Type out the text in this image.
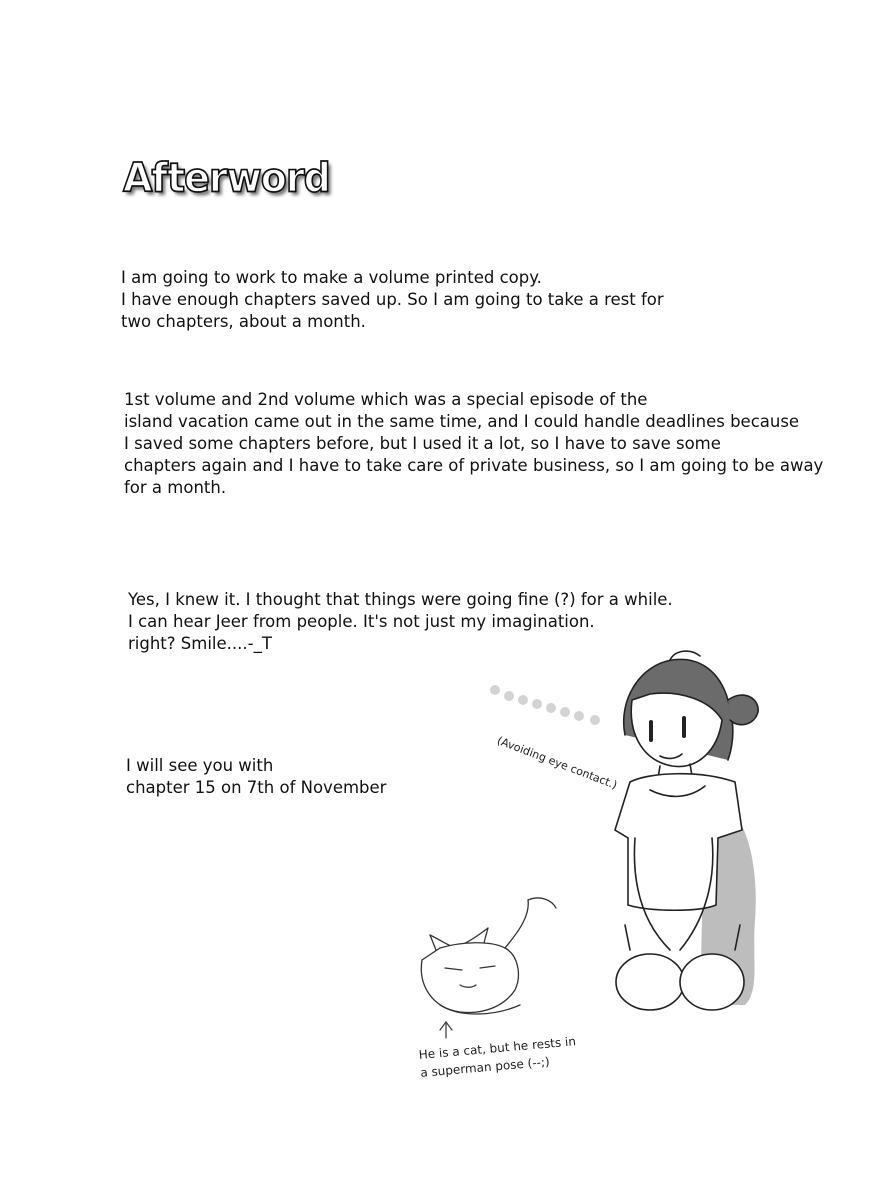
Afterword
I am going to work to make a volume printed copy.
I have enough chapters saved up. So I am going to take a rest for
two chapters, about a month.
1st volume and 2nd volume which was a special episode of the
island vacation came out in the same time, and I could handle deadlines because
I saved some chapters before, but I used it a lot, so I have to save some
chapters again and I have to take care of private business, so I am going to be away
for a month.
Yes, I knew it. I thought that things were going fine (?) for a while.
I can hear Jeer from people. It's not just my imagination.
right? Smile....-_T
I will see you with
chapter 15 on 7th of November	(Avoiding eye contact.)
He is a cat, but he rests in
a superman pose (--;)
